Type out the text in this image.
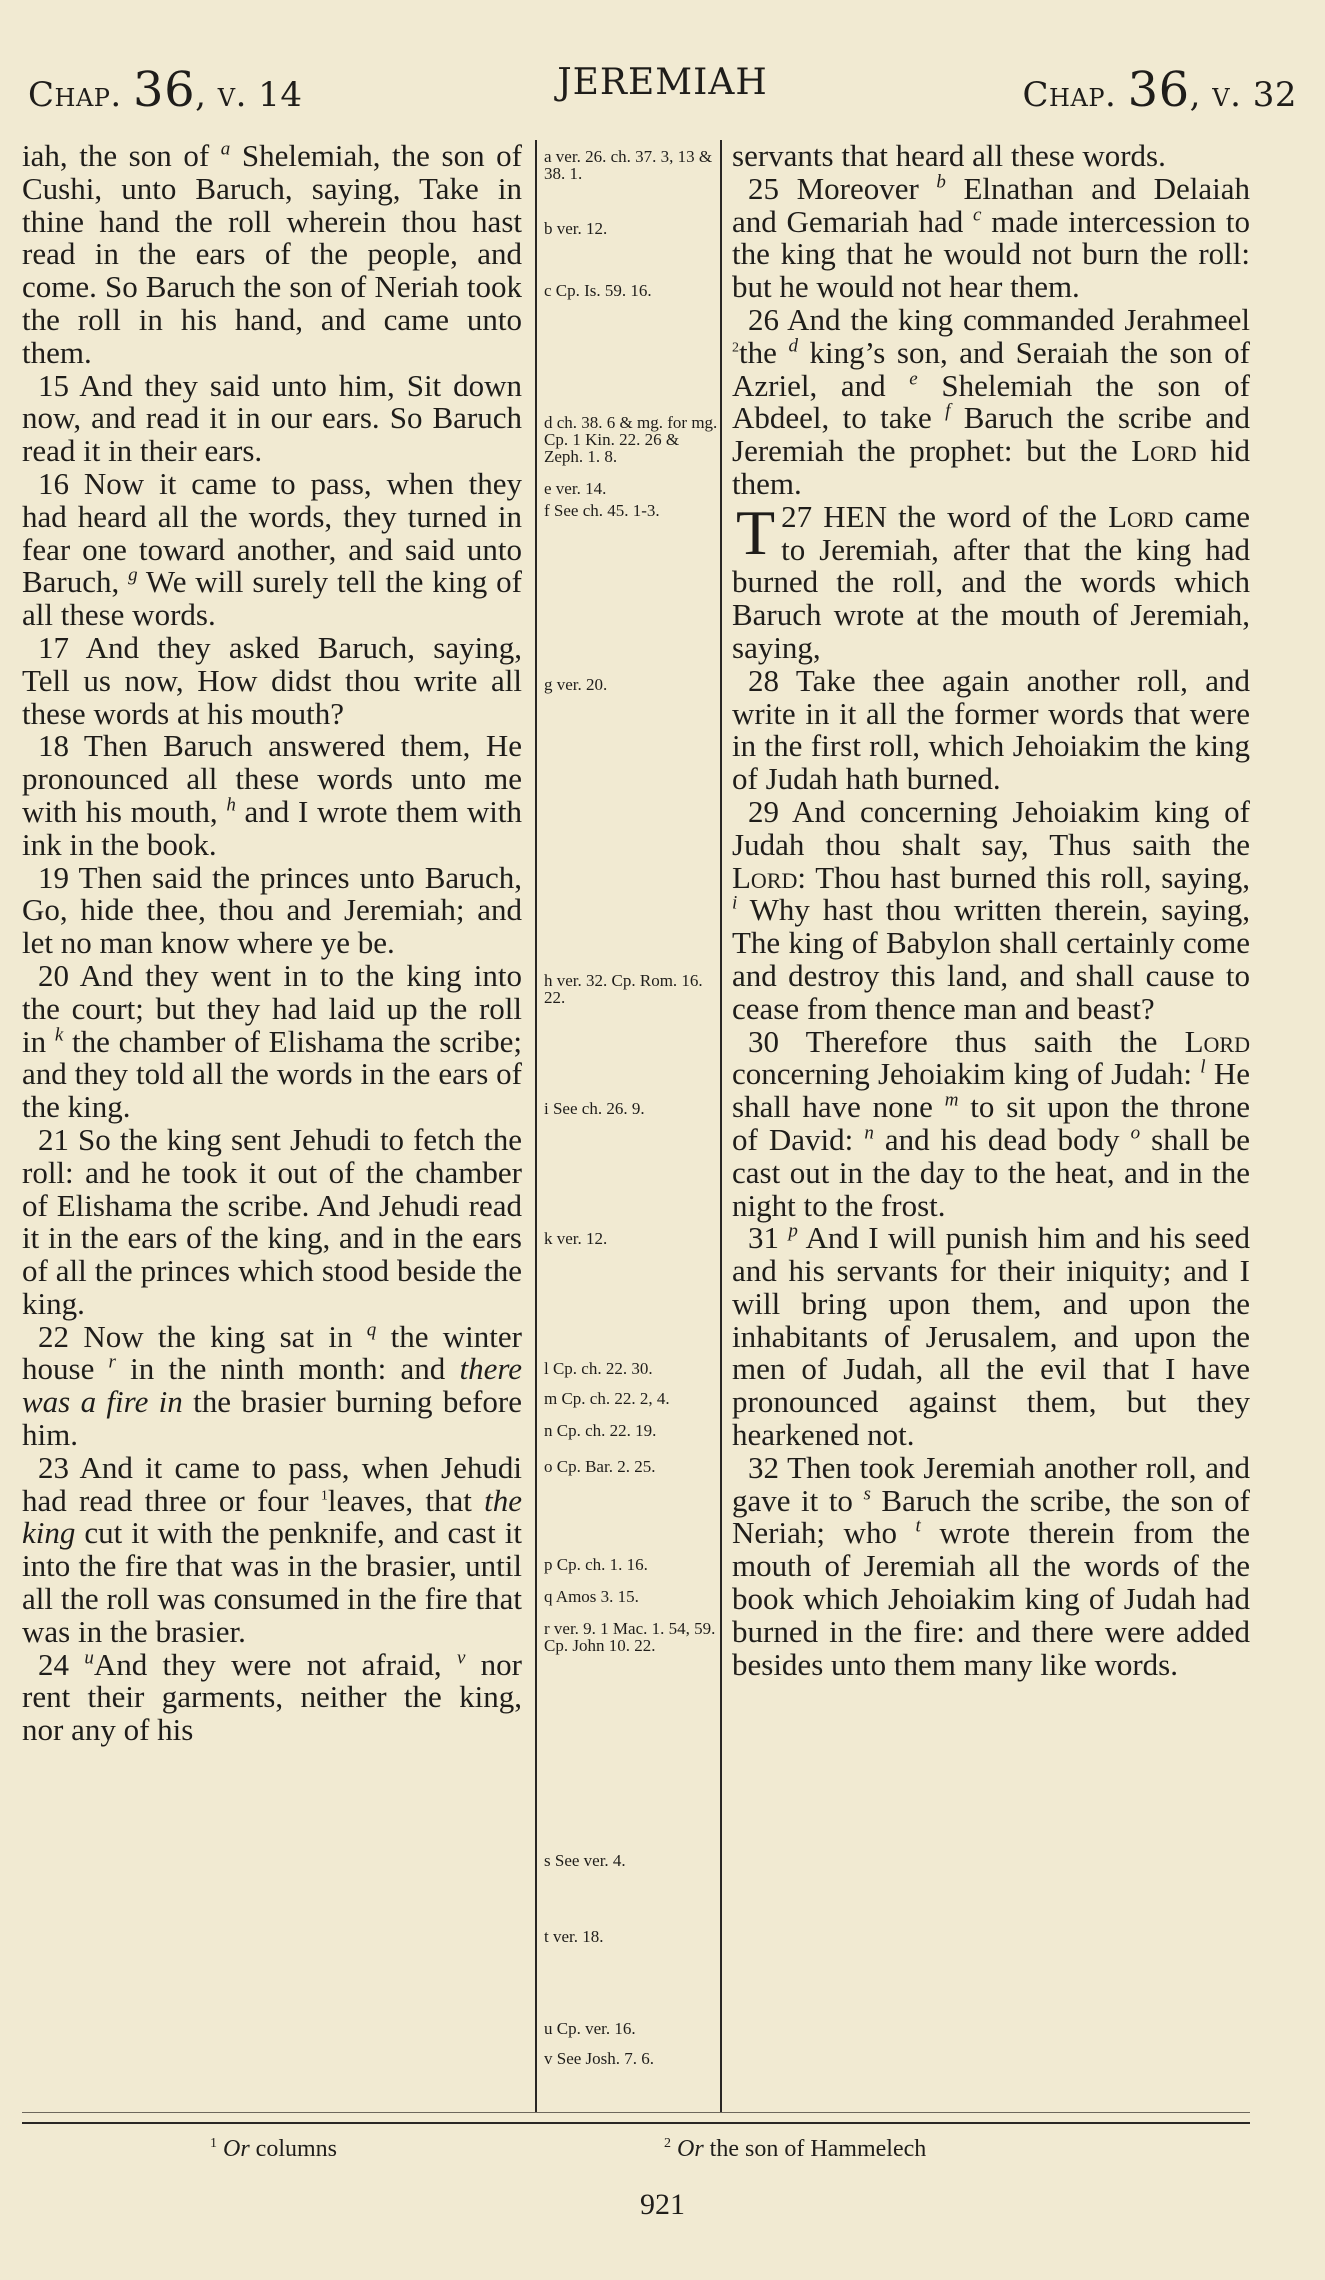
Chap. 36, v. 14	JEREMIAH	Chap. 36, v. 32

iah, the son of $^a$ Shelemiah, the son of Cushi, unto Baruch, saying, Take in thine hand the roll wherein thou hast read in the ears of the people, and come. So Baruch the son of Neriah took the roll in his hand, and came unto them.

15 And they said unto him, Sit down now, and read it in our ears. So Baruch read it in their ears.

16 Now it came to pass, when they had heard all the words, they turned in fear one toward another, and said unto Baruch, $^g$ We will surely tell the king of all these words.

17 And they asked Baruch, saying, Tell us now, How didst thou write all these words at his mouth?

18 Then Baruch answered them, He pronounced all these words unto me with his mouth, $^h$ and I wrote them with ink in the book.

19 Then said the princes unto Baruch, Go, hide thee, thou and Jeremiah; and let no man know where ye be.

20 And they went in to the king into the court; but they had laid up the roll in $^k$ the chamber of Elishama the scribe; and they told all the words in the ears of the king.

21 So the king sent Jehudi to fetch the roll: and he took it out of the chamber of Elishama the scribe. And Jehudi read it in the ears of the king, and in the ears of all the princes which stood beside the king.

22 Now the king sat in $^q$ the winter house $^r$ in the ninth month: and there was a fire in the brasier burning before him.

23 And it came to pass, when Jehudi had read three or four $^1$leaves, that the king cut it with the penknife, and cast it into the fire that was in the brasier, until all the roll was consumed in the fire that was in the brasier.

24 $^u$And they were not afraid, $^v$ nor rent their garments, neither the king, nor any of his

a ver. 26. ch. 37. 3, 13 & 38. 1.
b ver. 12.
c Cp. Is. 59. 16.
d ch. 38. 6 & mg. for mg. Cp. 1 Kin. 22. 26 & Zeph. 1. 8.
e ver. 14.
f See ch. 45. 1-3.
g ver. 20.
h ver. 32. Cp. Rom. 16. 22.
i See ch. 26. 9.
k ver. 12.
l Cp. ch. 22. 30.
m Cp. ch. 22. 2, 4.
n Cp. ch. 22. 19.
o Cp. Bar. 2. 25.
p Cp. ch. 1. 16.
q Amos 3. 15.
r ver. 9. 1 Mac. 1. 54, 59. Cp. John 10. 22.
s See ver. 4.
t ver. 18.
u Cp. ver. 16.
v See Josh. 7. 6.

servants that heard all these words.

25 Moreover $^b$ Elnathan and Delaiah and Gemariah had $^c$ made intercession to the king that he would not burn the roll: but he would not hear them.

26 And the king commanded Jerahmeel $^2$the $^d$ king’s son, and Seraiah the son of Azriel, and $^e$ Shelemiah the son of Abdeel, to take $^f$ Baruch the scribe and Jeremiah the prophet: but the Lord hid them.

27
T HEN the word of the Lord came to Jeremiah, after that the king had burned the roll, and the words which Baruch wrote at the mouth of Jeremiah, saying,

28 Take thee again another roll, and write in it all the former words that were in the first roll, which Jehoiakim the king of Judah hath burned.

29 And concerning Jehoiakim king of Judah thou shalt say, Thus saith the Lord: Thou hast burned this roll, saying, $^i$ Why hast thou written therein, saying, The king of Babylon shall certainly come and destroy this land, and shall cause to cease from thence man and beast?

30 Therefore thus saith the Lord concerning Jehoiakim king of Judah: $^l$ He shall have none $^m$ to sit upon the throne of David: $^n$ and his dead body $^o$ shall be cast out in the day to the heat, and in the night to the frost.

31 $^p$ And I will punish him and his seed and his servants for their iniquity; and I will bring upon them, and upon the inhabitants of Jerusalem, and upon the men of Judah, all the evil that I have pronounced against them, but they hearkened not.

32 Then took Jeremiah another roll, and gave it to $^s$ Baruch the scribe, the son of Neriah; who $^t$ wrote therein from the mouth of Jeremiah all the words of the book which Jehoiakim king of Judah had burned in the fire: and there were added besides unto them many like words.

$^1$ Or columns	$^2$ Or the son of Hammelech
921
